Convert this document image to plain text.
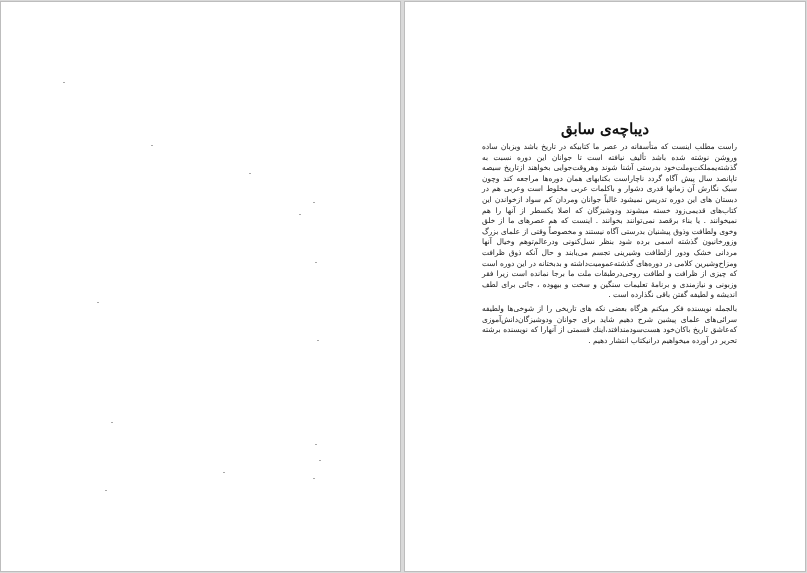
دیباچه‌ی سابق

راست مطلب اینست که متأسفانه در عصر ما کتابیکه در تاریخ باشد وبزبان ساده وروشن نوشته شده باشد تألیف نیافته است تا جوانان این دوره نسبت به گذشته‌یمملکت‌وملت‌خود بدرستی آشنا شوند وهروقت‌جوایی بخواهند ازتاریخ سیصه تاپانصد سال پیش آگاه گردد ناچاراست بکتابهای همان دوره‌ها مراجعه کند وچون سبک نگارش آن زمانها قدری دشوار و باکلمات عربی مخلوط است وعربی هم در دبستان های این دوره تدریس نمیشود غالباً جوانان ومردان کم سواد ازخواندن این کتاب‌های قدیمی‌زود خسته میشوند ودوشیزگان که اصلا یکسطر از آنها را هم نمیخوانند . یا بناء برقصد نمی‌توانند بخوانند . اینست که هم عصرهای ما از خلق وخوی ولطافت وذوق پیشنیان بدرستی آگاه نیستند و مخصوصاً وقتی از علمای بزرگ وزورخانیون گذشته اسمی برده شود بنظر نسل‌کنونی ودرعالم‌توهم وخیال آنها مردانی خشک ودور ازلطافت وشیرینی تجسم می‌یابند و حال آنکه ذوق ظرافت ومزاح‌وشیرین کلامی در دوره‌های گذشته‌عمومیت‌داشته و بدبختانه در این دوره است که چیزی از ظرافت و لطافت روحی‌درطبقات ملت ما برجا نمانده است زیرا فقر وزبونی و نیازمندی و برنامهٔ تعلیمات سنگین و سخت و بیهوده ، جائی برای لطف اندیشه و لطیفه گفتن باقی نگذارده است .

بالجمله نویسنده فکر میکنم هرگاه بعضی نکه های تاریخی را از شوخی‌ها ولطیفه سرائی‌های علمای پیشین شرح دهیم شاید برای جوانان ودوشیزگان‌دانش‌آموزی که‌عاشق تاریخ باکان‌خود هست‌سودمندافتد،اینك قسمتی از آنهارا که نویسنده برشته تحریر در آورده میخواهیم درانیکتاب انتشار دهیم .
